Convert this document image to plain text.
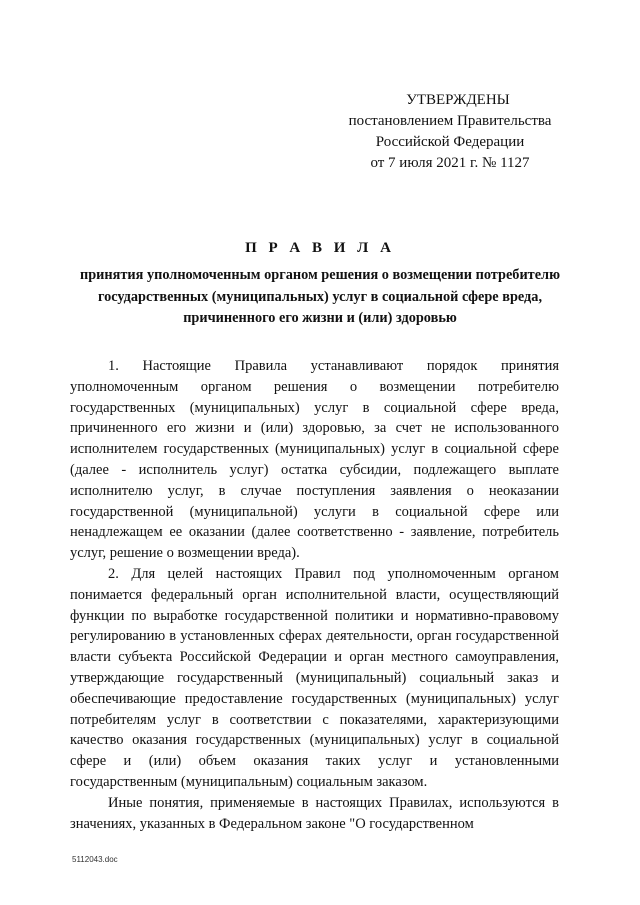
УТВЕРЖДЕНЫ
постановлением Правительства
Российской Федерации
от 7 июля 2021 г. № 1127
П Р А В И Л А
принятия уполномоченным органом решения о возмещении потребителю государственных (муниципальных) услуг в социальной сфере вреда, причиненного его жизни и (или) здоровью

1. Настоящие Правила устанавливают порядок принятия уполномоченным органом решения о возмещении потребителю государственных (муниципальных) услуг в социальной сфере вреда, причиненного его жизни и (или) здоровью, за счет не использованного исполнителем государственных (муниципальных) услуг в социальной сфере (далее - исполнитель услуг) остатка субсидии, подлежащего выплате исполнителю услуг, в случае поступления заявления о неоказании государственной (муниципальной) услуги в социальной сфере или ненадлежащем ее оказании (далее соответственно - заявление, потребитель услуг, решение о возмещении вреда).

2. Для целей настоящих Правил под уполномоченным органом понимается федеральный орган исполнительной власти, осуществляющий функции по выработке государственной политики и нормативно-правовому регулированию в установленных сферах деятельности, орган государственной власти субъекта Российской Федерации и орган местного самоуправления, утверждающие государственный (муниципальный) социальный заказ и обеспечивающие предоставление государственных (муниципальных) услуг потребителям услуг в соответствии с показателями, характеризующими качество оказания государственных (муниципальных) услуг в социальной сфере и (или) объем оказания таких услуг и установленными государственным (муниципальным) социальным заказом.

Иные понятия, применяемые в настоящих Правилах, используются в значениях, указанных в Федеральном законе "О государственном

5112043.doc
